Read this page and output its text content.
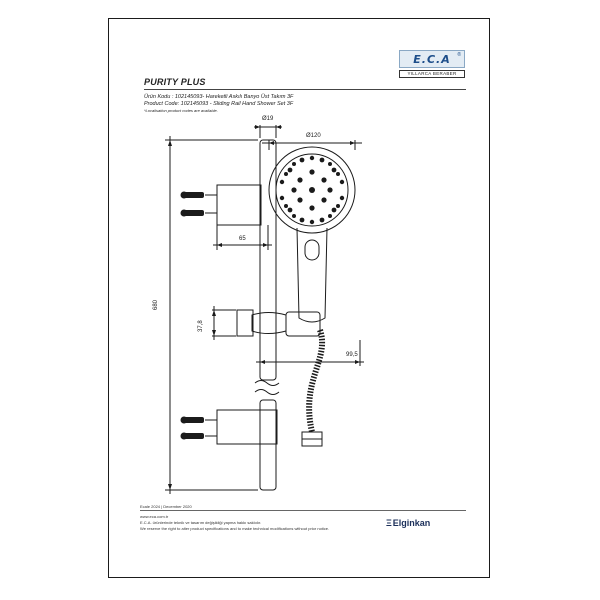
E.C.A ®
YILLARCA BERABER
PURITY PLUS
Ürün Kodu : 102145093- Hareketli Askılı Banyo Üst Takım 3F
Product Code: 102145093 - Sliding Rail Hand Shower Set 3F
*Localisation product codes are available.
Ø19
Ø120
65
680
37,8
99,5
Ecale 2024 | December 2020
www.eca.com.tr
E.C.A. ürünlerinde teknik ve tasarım değişikliği yapma hakkı saklıdır.
We reserve the right to alter product specifications and to make technical modifications without prior notice.
ΞElginkan
